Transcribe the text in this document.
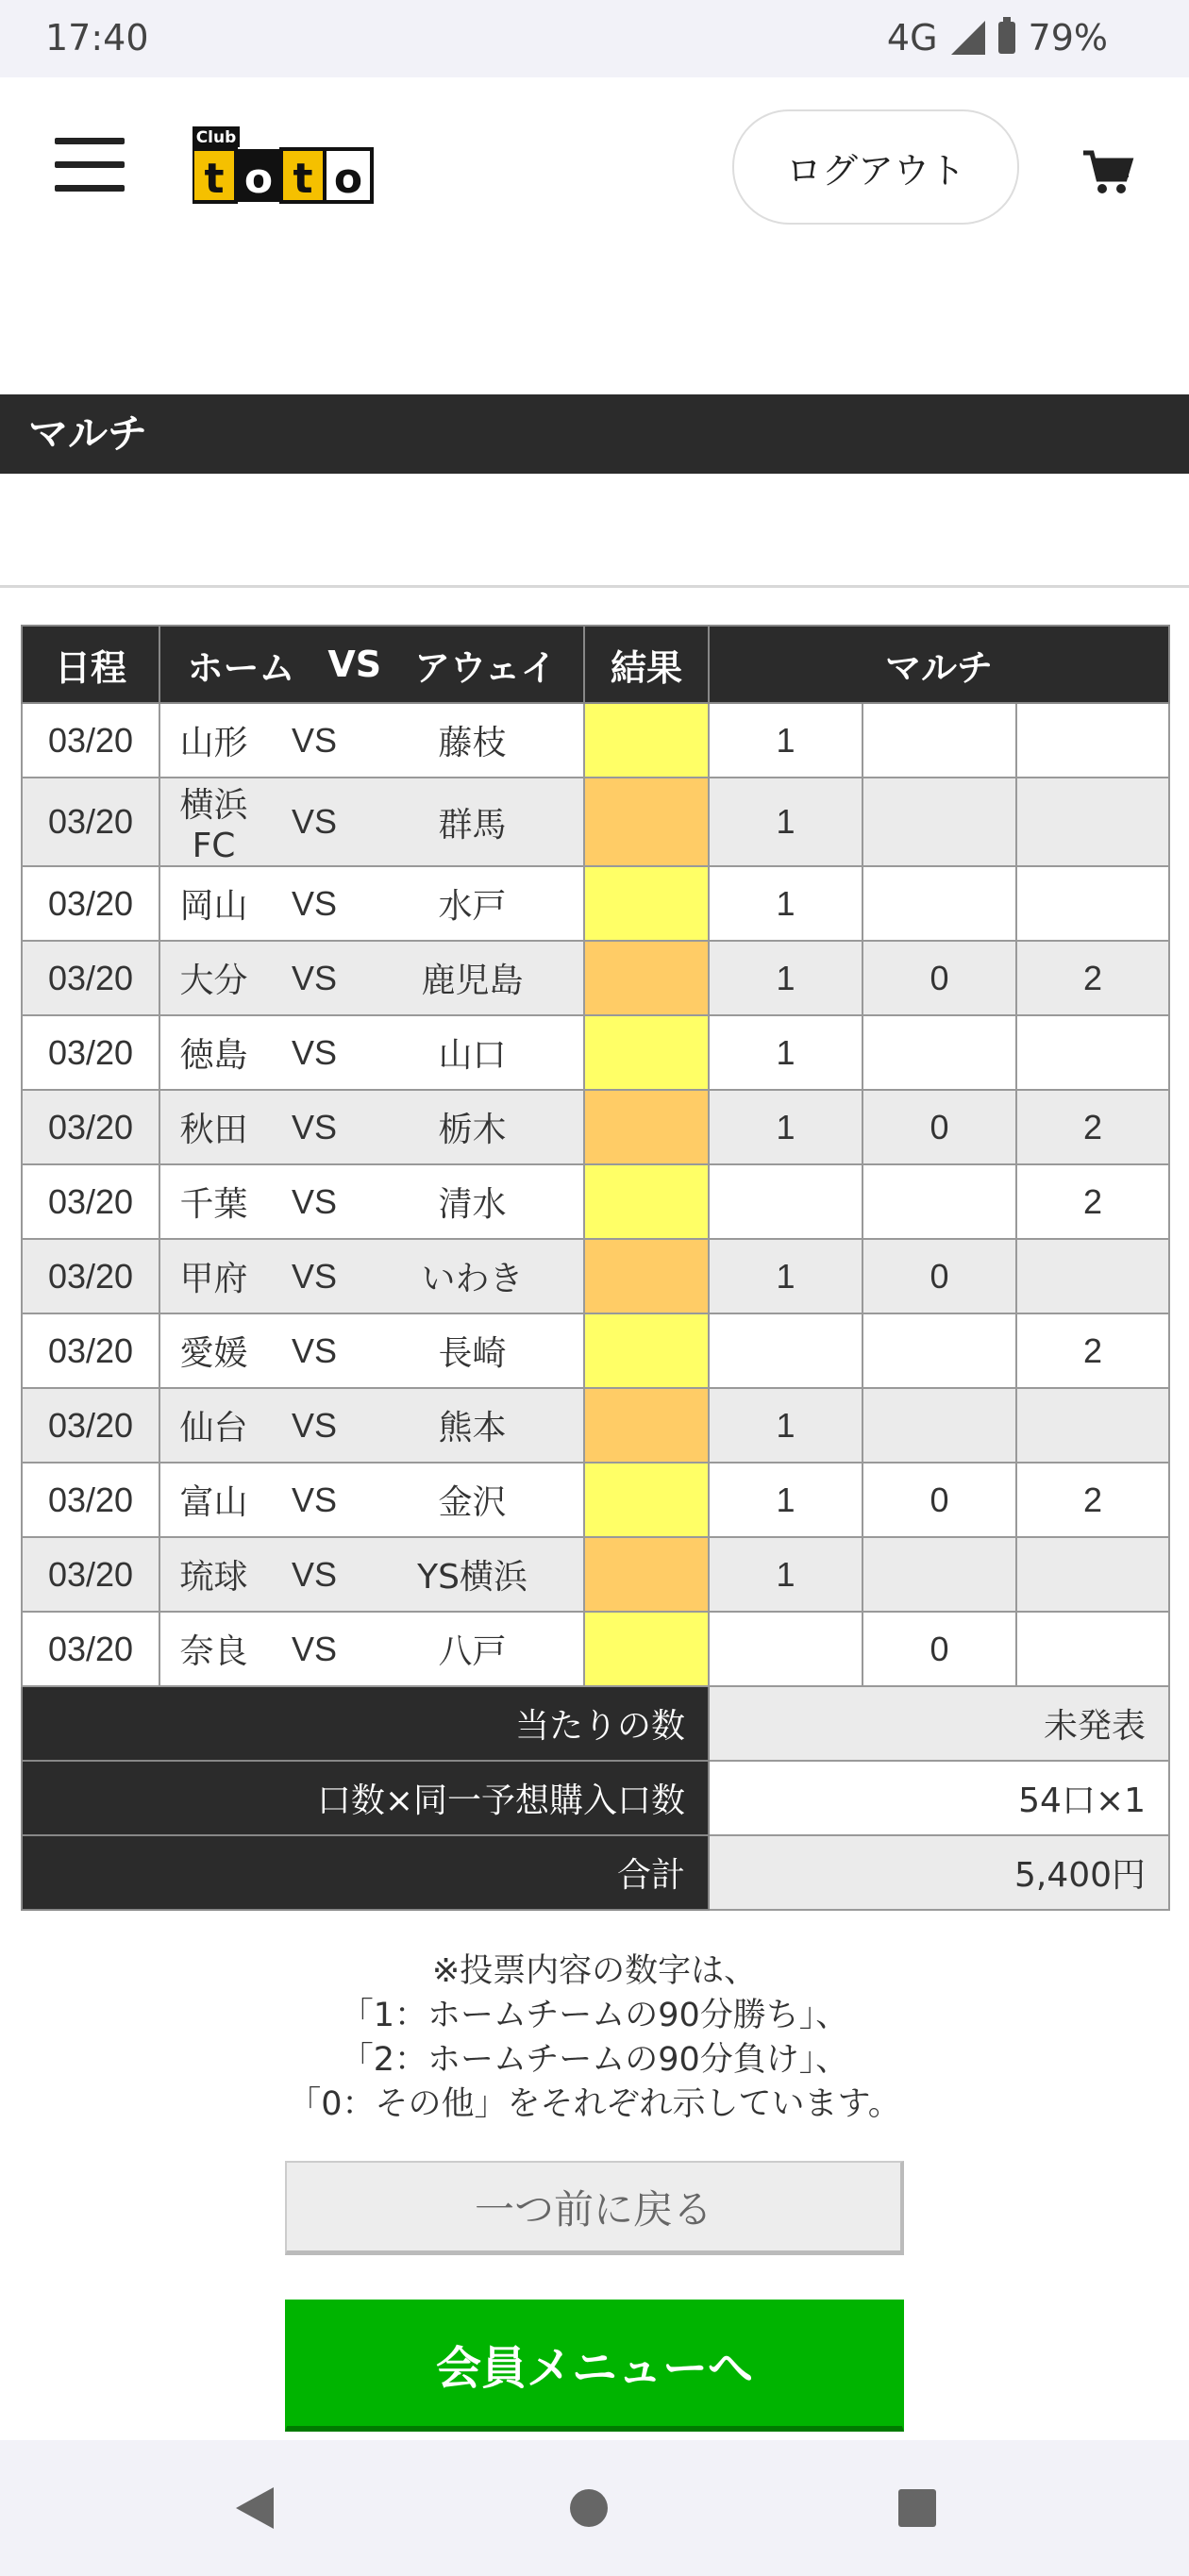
17:40	4G	79%
Club
t o t o	ログアウト
マルチ
日程	ホーム VS アウェイ			結果	マルチ		
03/20	山形	VS	藤枝		1		
03/20	横浜FC	VS	群馬		1		
03/20	岡山	VS	水戸		1		
03/20	大分	VS	鹿児島		1	0	2
03/20	徳島	VS	山口		1		
03/20	秋田	VS	栃木		1	0	2
03/20	千葉	VS	清水				2
03/20	甲府	VS	いわき		1	0	
03/20	愛媛	VS	長崎				2
03/20	仙台	VS	熊本		1		
03/20	富山	VS	金沢		1	0	2
03/20	琉球	VS	YS横浜		1		
03/20	奈良	VS	八戸			0	
当たりの数					未発表		
口数×同一予想購入口数					54口×1		
合計					5,400円		
※投票内容の数字は、
「1：ホームチームの90分勝ち」、
「2：ホームチームの90分負け」、
「0：その他」をそれぞれ示しています。
一つ前に戻る
会員メニューへ
